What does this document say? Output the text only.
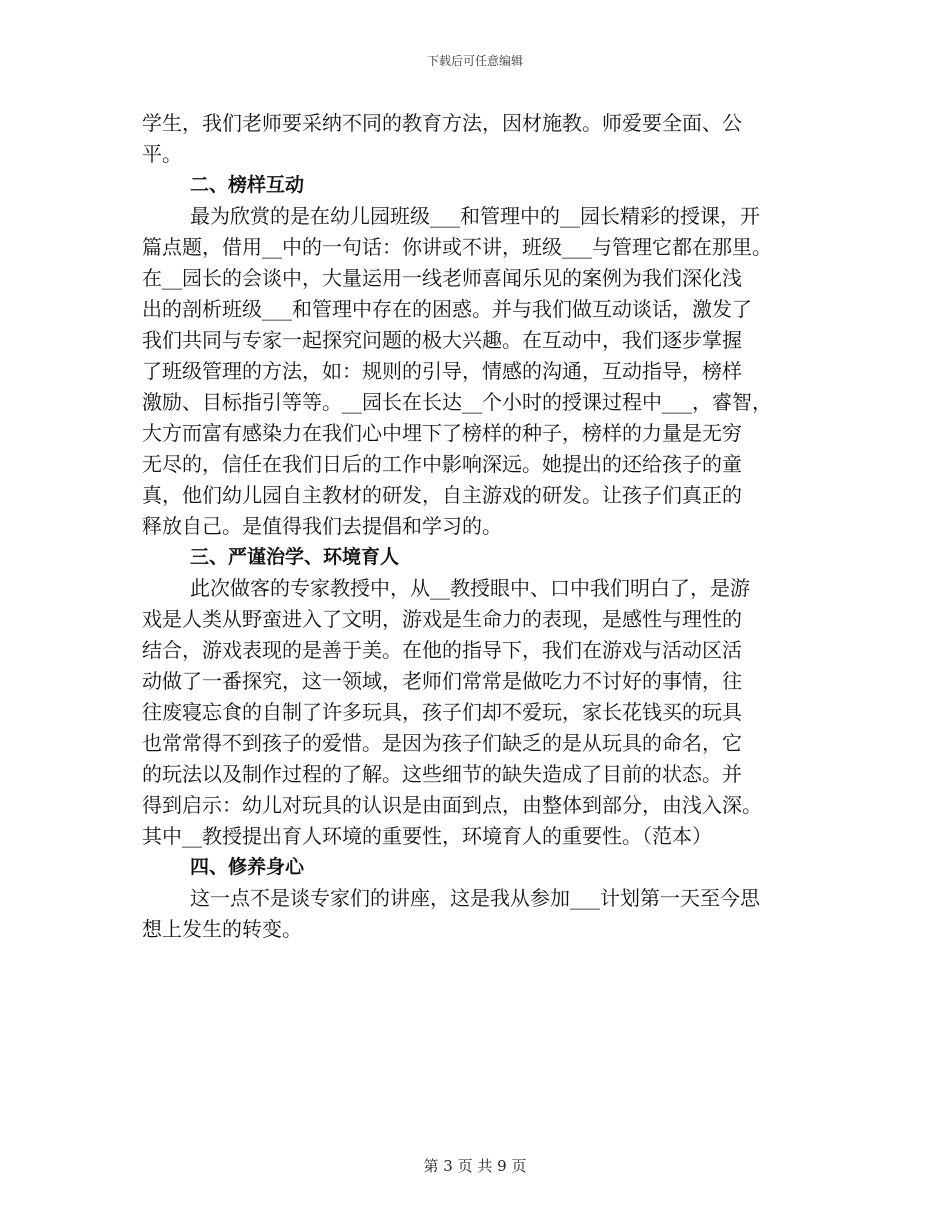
下载后可任意编辑

学生，我们老师要采纳不同的教育方法，因材施教。师爱要全面、公

平。

二、榜样互动

最为欣赏的是在幼儿园班级___和管理中的__园长精彩的授课，开

篇点题，借用__中的一句话：你讲或不讲，班级___与管理它都在那里。

在__园长的会谈中，大量运用一线老师喜闻乐见的案例为我们深化浅

出的剖析班级___和管理中存在的困惑。并与我们做互动谈话，激发了

我们共同与专家一起探究问题的极大兴趣。在互动中，我们逐步掌握

了班级管理的方法，如：规则的引导，情感的沟通，互动指导，榜样

激励、目标指引等等。__园长在长达__个小时的授课过程中___，睿智，

大方而富有感染力在我们心中埋下了榜样的种子，榜样的力量是无穷

无尽的，信任在我们日后的工作中影响深远。她提出的还给孩子的童

真，他们幼儿园自主教材的研发，自主游戏的研发。让孩子们真正的

释放自己。是值得我们去提倡和学习的。

三、严谨治学、环境育人

此次做客的专家教授中，从__教授眼中、口中我们明白了，是游

戏是人类从野蛮进入了文明，游戏是生命力的表现，是感性与理性的

结合，游戏表现的是善于美。在他的指导下，我们在游戏与活动区活

动做了一番探究，这一领域，老师们常常是做吃力不讨好的事情，往

往废寝忘食的自制了许多玩具，孩子们却不爱玩，家长花钱买的玩具

也常常得不到孩子的爱惜。是因为孩子们缺乏的是从玩具的命名，它

的玩法以及制作过程的了解。这些细节的缺失造成了目前的状态。并

得到启示：幼儿对玩具的认识是由面到点，由整体到部分，由浅入深。

其中__教授提出育人环境的重要性，环境育人的重要性。（范本）

四、修养身心

这一点不是谈专家们的讲座，这是我从参加___计划第一天至今思

想上发生的转变。

第 3 页 共 9 页
